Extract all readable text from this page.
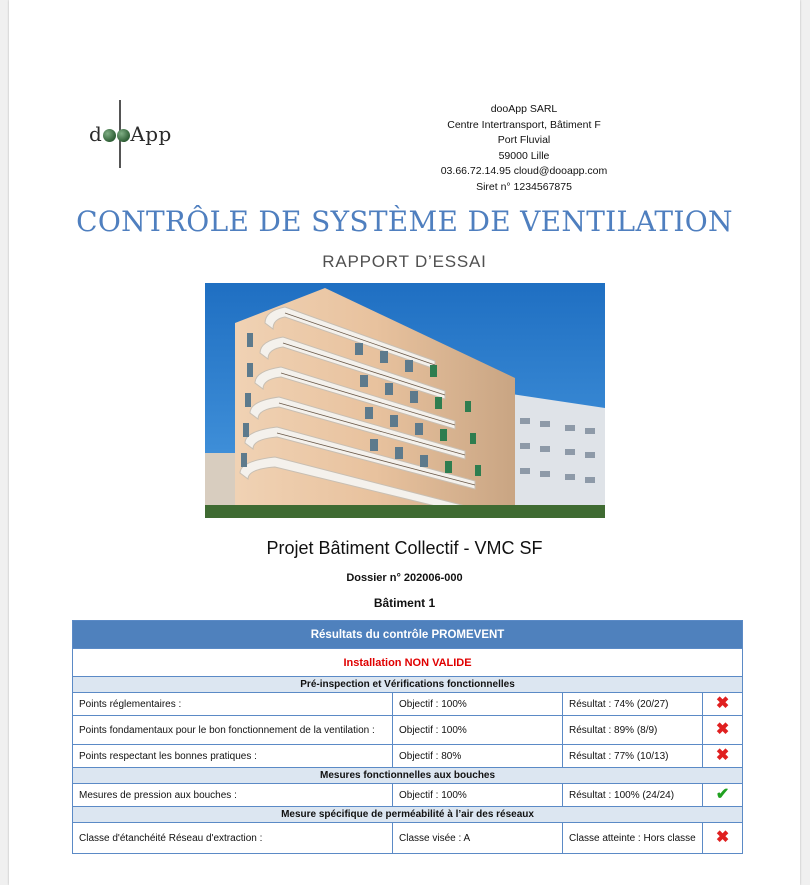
d App
dooApp SARL
Centre Intertransport, Bâtiment F
Port Fluvial
59000 Lille
03.66.72.14.95 cloud@dooapp.com
Siret n° 1234567875
CONTRÔLE DE SYSTÈME DE VENTILATION
RAPPORT D’ESSAI
Projet Bâtiment Collectif - VMC SF
Dossier n° 202006-000
Bâtiment 1
Résultats du contrôle PROMEVENT			
Installation NON VALIDE			
Pré-inspection et Vérifications fonctionnelles			
Points réglementaires :	Objectif : 100%	Résultat : 74% (20/27)	✖
Points fondamentaux pour le bon fonctionnement de la ventilation :	Objectif : 100%	Résultat : 89% (8/9)	✖
Points respectant les bonnes pratiques :	Objectif : 80%	Résultat : 77% (10/13)	✖
Mesures fonctionnelles aux bouches			
Mesures de pression aux bouches :	Objectif : 100%	Résultat : 100% (24/24)	✔
Mesure spécifique de perméabilité à l’air des réseaux			
Classe d'étanchéité Réseau d'extraction :	Classe visée : A	Classe atteinte : Hors classe	✖
